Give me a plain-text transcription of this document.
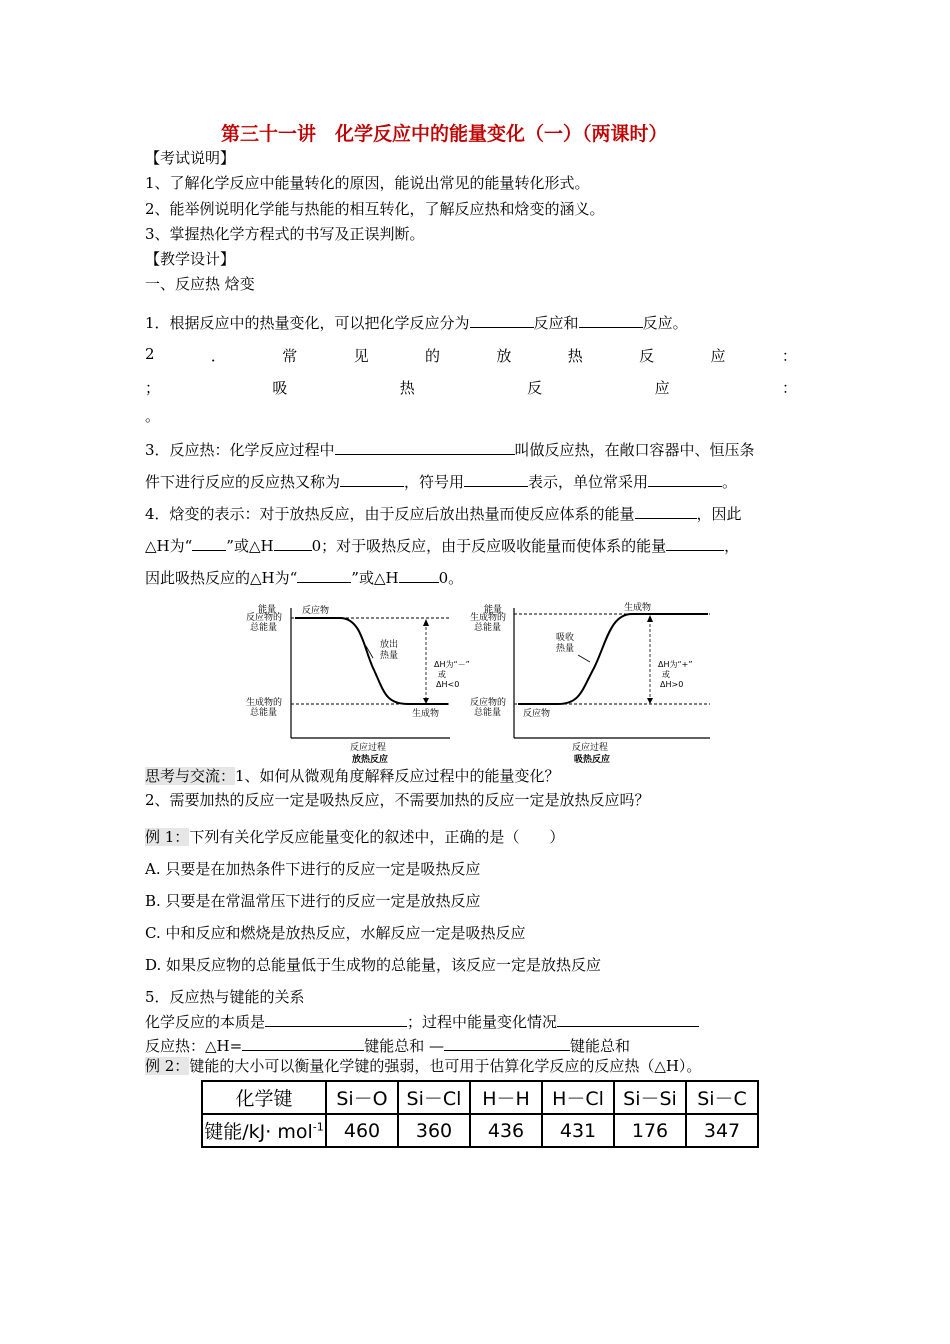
第三十一讲　化学反应中的能量变化（一）（两课时）
【考试说明】
1、了解化学反应中能量转化的原因，能说出常见的能量转化形式。
2、能举例说明化学能与热能的相互转化，了解反应热和焓变的涵义。
3、掌握热化学方程式的书写及正误判断。
【教学设计】
一、反应热 焓变
1．根据反应中的热量变化，可以把化学反应分为	反应和	反应。
2	．	常	见	的	放	热	反	应	：
；	吸	热	反	应	：
。
3．反应热：化学反应过程中	叫做反应热，在敞口容器中、恒压条
件下进行反应的反应热又称为	，符号用	表示，单位常采用	。
4．焓变的表示：对于放热反应，由于反应后放出热量而使反应体系的能量	，因此
△H为“ ”或△H	0；对于吸热反应，由于反应吸收能量而使体系的能量	，
因此吸热反应的△H为“	”或△H	0。
能量
反应物的
总能量
生成物的
总能量
反应物
生成物
放出
热量
ΔH为“－”
或
ΔH<0
反应过程
放热反应
能量
生成物的
总能量
反应物的
总能量 反应物
生成物
吸收
热量
ΔH为“+”
或
ΔH>0
反应过程
吸热反应
思考与交流：1、如何从微观角度解释反应过程中的能量变化？
2、需要加热的反应一定是吸热反应，不需要加热的反应一定是放热反应吗？
例 1：下列有关化学反应能量变化的叙述中，正确的是（　　）
A. 只要是在加热条件下进行的反应一定是吸热反应
B. 只要是在常温常压下进行的反应一定是放热反应
C. 中和反应和燃烧是放热反应，水解反应一定是吸热反应
D. 如果反应物的总能量低于生成物的总能量，该反应一定是放热反应
5．反应热与键能的关系
化学反应的本质是	；过程中能量变化情况
反应热：△H=	键能总和 —	键能总和
例 2：键能的大小可以衡量化学键的强弱，也可用于估算化学反应的反应热（△H）。
化学键	Si－O	Si－Cl	H－H	H－Cl	Si－Si	Si－C
键能/kJ· mol$^{-1}$	460	360	436	431	176	347
